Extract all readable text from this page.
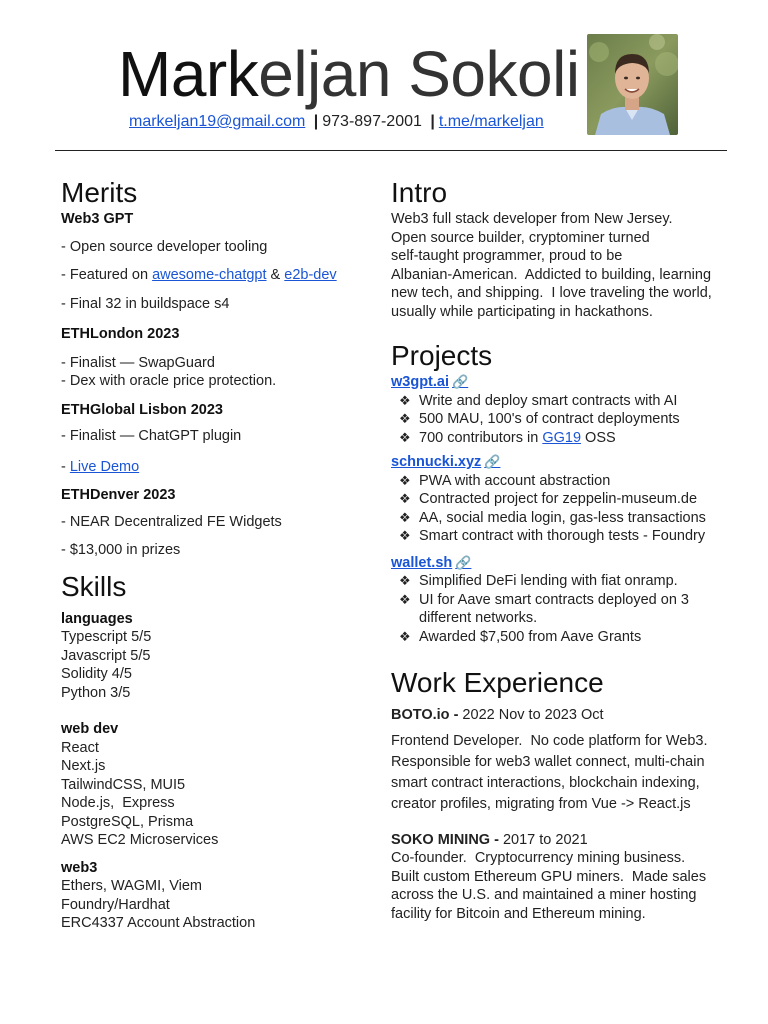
Markeljan Sokoli
markeljan19@gmail.com | 973-897-2001 | t.me/markeljan
Merits

Web3 GPT

- Open source developer tooling

- Featured on awesome-chatgpt & e2b-dev

- Final 32 in buildspace s4

ETHLondon 2023

- Finalist — SwapGuard

- Dex with oracle price protection.

ETHGlobal Lisbon 2023

- Finalist — ChatGPT plugin

- Live Demo

ETHDenver 2023

- NEAR Decentralized FE Widgets

- $13,000 in prizes

Skills

languages

Typescript 5/5

Javascript 5/5

Solidity 4/5

Python 3/5

web dev

React

Next.js

TailwindCSS, MUI5

Node.js,  Express

PostgreSQL, Prisma

AWS EC2 Microservices

web3

Ethers, WAGMI, Viem

Foundry/Hardhat

ERC4337 Account Abstraction

Intro

Web3 full stack developer from New Jersey.

Open source builder, cryptominer turned

self-taught programmer, proud to be

Albanian-American.  Addicted to building, learning

new tech, and shipping.  I love traveling the world,

usually while participating in hackathons.

Projects
w3gpt.ai 🔗
❖ Write and deploy smart contracts with AI
❖ 500 MAU, 100's of contract deployments
❖ 700 contributors in GG19 OSS
schnucki.xyz 🔗
❖ PWA with account abstraction
❖ Contracted project for zeppelin-museum.de
❖ AA, social media login, gas-less transactions
❖ Smart contract with thorough tests - Foundry
wallet.sh 🔗
❖ Simplified DeFi lending with fiat onramp.
❖ UI for Aave smart contracts deployed on 3
different networks.
❖ Awarded $7,500 from Aave Grants
Work Experience

BOTO.io - 2022 Nov to 2023 Oct

Frontend Developer.  No code platform for Web3.

Responsible for web3 wallet connect, multi-chain

smart contract interactions, blockchain indexing,

creator profiles, migrating from Vue -> React.js

SOKO MINING - 2017 to 2021

Co-founder.  Cryptocurrency mining business.

Built custom Ethereum GPU miners.  Made sales

across the U.S. and maintained a miner hosting

facility for Bitcoin and Ethereum mining.
